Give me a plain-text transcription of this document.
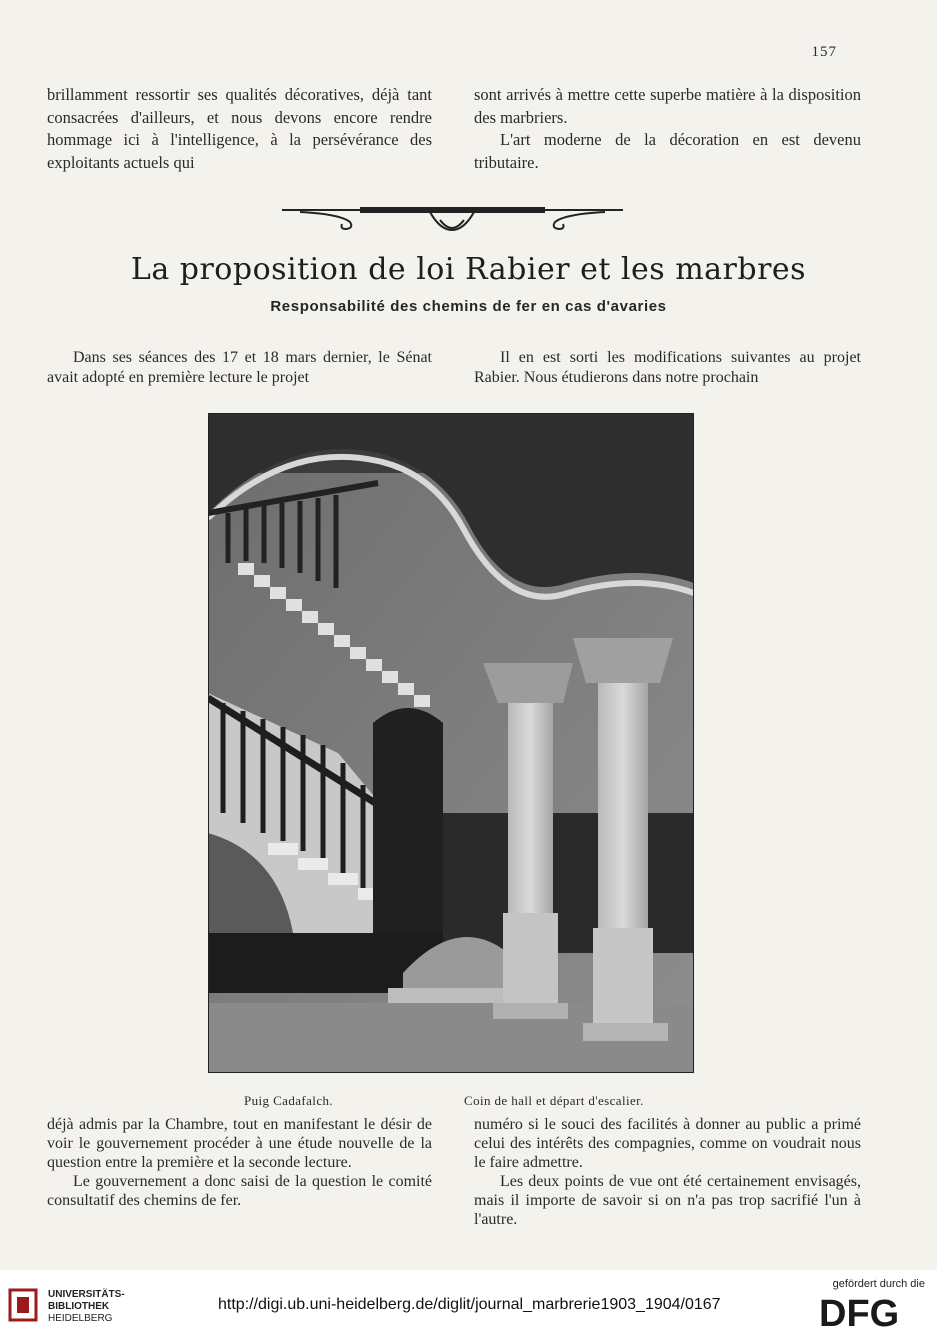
157

brillamment ressortir ses qualités décoratives, déjà tant consacrées d'ailleurs, et nous devons encore rendre hommage ici à l'intelligence, à la persévérance des exploitants actuels qui

sont arrivés à mettre cette superbe matière à la disposition des marbriers.

L'art moderne de la décoration en est devenu tributaire.

La proposition de loi Rabier et les marbres
Responsabilité des chemins de fer en cas d'avaries

Dans ses séances des 17 et 18 mars dernier, le Sénat avait adopté en première lecture le projet

Il en est sorti les modifications suivantes au projet Rabier. Nous étudierons dans notre prochain

Puig Cadafalch.	Coin de hall et départ d'escalier.

déjà admis par la Chambre, tout en manifestant le désir de voir le gouvernement procéder à une étude nouvelle de la question entre la première et la seconde lecture.

Le gouvernement a donc saisi de la question le comité consultatif des chemins de fer.

numéro si le souci des facilités à donner au public a primé celui des intérêts des compagnies, comme on voudrait nous le faire admettre.

Les deux points de vue ont été certainement envisagés, mais il importe de savoir si on n'a pas trop sacrifié l'un à l'autre.

UNIVERSITÄTS-
BIBLIOTHEK
HEIDELBERG
http://digi.ub.uni-heidelberg.de/diglit/journal_marbrerie1903_1904/0167
gefördert durch die
DFG
